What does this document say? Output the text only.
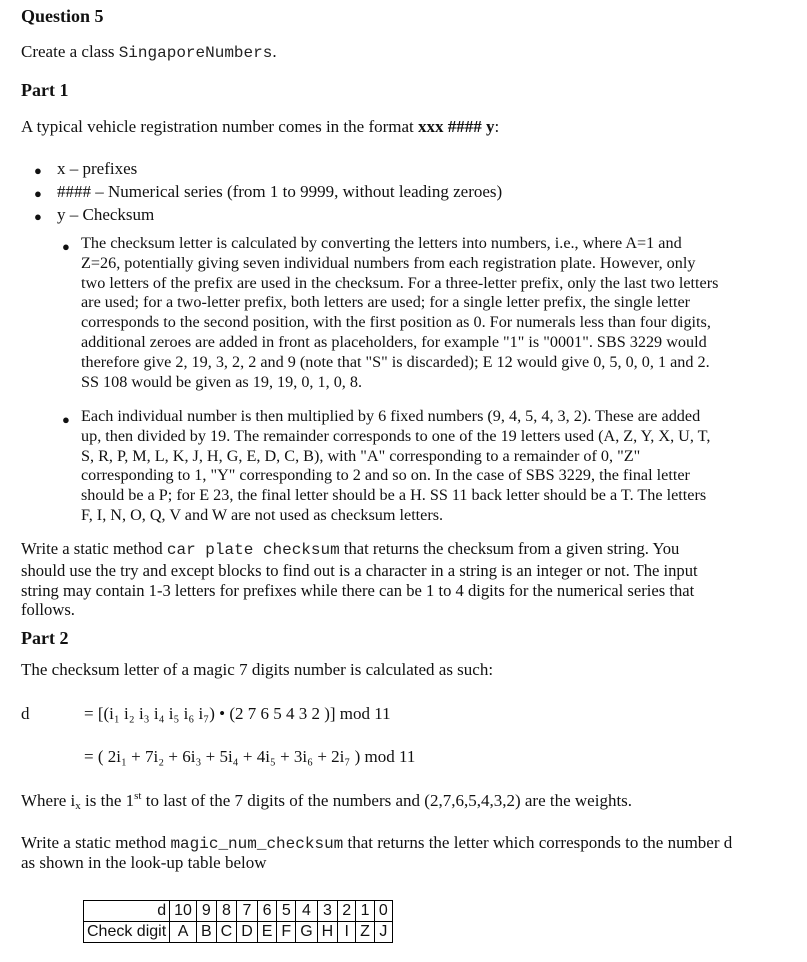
Question 5
Create a class SingaporeNumbers.
Part 1
A typical vehicle registration number comes in the format xxx #### y:
● x – prefixes
● #### – Numerical series (from 1 to 9999, without leading zeroes)
● y – Checksum
● The checksum letter is calculated by converting the letters into numbers, i.e., where A=1 and
Z=26, potentially giving seven individual numbers from each registration plate. However, only
two letters of the prefix are used in the checksum. For a three-letter prefix, only the last two letters
are used; for a two-letter prefix, both letters are used; for a single letter prefix, the single letter
corresponds to the second position, with the first position as 0. For numerals less than four digits,
additional zeroes are added in front as placeholders, for example "1" is "0001". SBS 3229 would
therefore give 2, 19, 3, 2, 2 and 9 (note that "S" is discarded); E 12 would give 0, 5, 0, 0, 1 and 2.
SS 108 would be given as 19, 19, 0, 1, 0, 8.
● Each individual number is then multiplied by 6 fixed numbers (9, 4, 5, 4, 3, 2). These are added
up, then divided by 19. The remainder corresponds to one of the 19 letters used (A, Z, Y, X, U, T,
S, R, P, M, L, K, J, H, G, E, D, C, B), with "A" corresponding to a remainder of 0, "Z"
corresponding to 1, "Y" corresponding to 2 and so on. In the case of SBS 3229, the final letter
should be a P; for E 23, the final letter should be a H. SS 11 back letter should be a T. The letters
F, I, N, O, Q, V and W are not used as checksum letters.
Write a static method car plate checksum that returns the checksum from a given string. You
should use the try and except blocks to find out is a character in a string is an integer or not. The input
string may contain 1-3 letters for prefixes while there can be 1 to 4 digits for the numerical series that
follows.
Part 2
The checksum letter of a magic 7 digits number is calculated as such:
d	= [(i₁ i₂ i₃ i₄ i₅ i₆ i₇) • (2 7 6 5 4 3 2 )] mod 11
= ( 2i₁ + 7i₂ + 6i₃ + 5i₄ + 4i₅ + 3i₆ + 2i₇ ) mod 11
Where $i_x$ is the 1st to last of the 7 digits of the numbers and (2,7,6,5,4,3,2) are the weights.
Write a static method magic_num_checksum that returns the letter which corresponds to the number d
as shown in the look-up table below
d	10	9	8	7	6	5	4	3	2	1	0
Check digit	A	B	C	D	E	F	G	H	I	Z	J
